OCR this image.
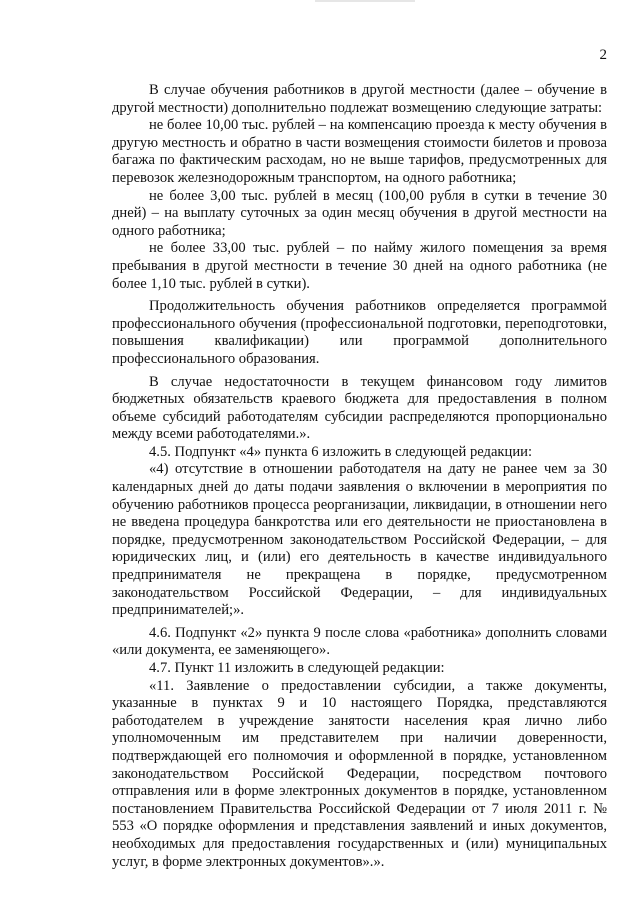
2

В случае обучения работников в другой местности (далее – обучение в другой местности) дополнительно подлежат возмещению следующие затраты:

не более 10,00 тыс. рублей – на компенсацию проезда к месту обучения в другую местность и обратно в части возмещения стоимости билетов и провоза багажа по фактическим расходам, но не выше тарифов, предусмотренных для перевозок железнодорожным транспортом, на одного работника;

не более 3,00 тыс. рублей в месяц (100,00 рубля в сутки в течение 30 дней) – на выплату суточных за один месяц обучения в другой местности на одного работника;

не более 33,00 тыс. рублей – по найму жилого помещения за время пребывания в другой местности в течение 30 дней на одного работника (не более 1,10 тыс. рублей в сутки).

Продолжительность обучения работников определяется программой профессионального обучения (профессиональной подготовки, переподготовки, повышения квалификации) или программой дополнительного профессионального образования.

В случае недостаточности в текущем финансовом году лимитов бюджетных обязательств краевого бюджета для предоставления в полном объеме субсидий работодателям субсидии распределяются пропорционально между всеми работодателями.».

4.5. Подпункт «4» пункта 6 изложить в следующей редакции:

«4) отсутствие в отношении работодателя на дату не ранее чем за 30 календарных дней до даты подачи заявления о включении в мероприятия по обучению работников процесса реорганизации, ликвидации, в отношении него не введена процедура банкротства или его деятельности не приостановлена в порядке, предусмотренном законодательством Российской Федерации, – для юридических лиц, и (или) его деятельность в качестве индивидуального предпринимателя не прекращена в порядке, предусмотренном законодательством Российской Федерации, – для индивидуальных предпринимателей;».

4.6. Подпункт «2» пункта 9 после слова «работника» дополнить словами «или документа, ее заменяющего».

4.7. Пункт 11 изложить в следующей редакции:

«11. Заявление о предоставлении субсидии, а также документы, указанные в пунктах 9 и 10 настоящего Порядка, представляются работодателем в учреждение занятости населения края лично либо уполномоченным им представителем при наличии доверенности, подтверждающей его полномочия и оформленной в порядке, установленном законодательством Российской Федерации, посредством почтового отправления или в форме электронных документов в порядке, установленном постановлением Правительства Российской Федерации от 7 июля 2011 г. № 553 «О порядке оформления и представления заявлений и иных документов, необходимых для предоставления государственных и (или) муниципальных услуг, в форме электронных документов».».
